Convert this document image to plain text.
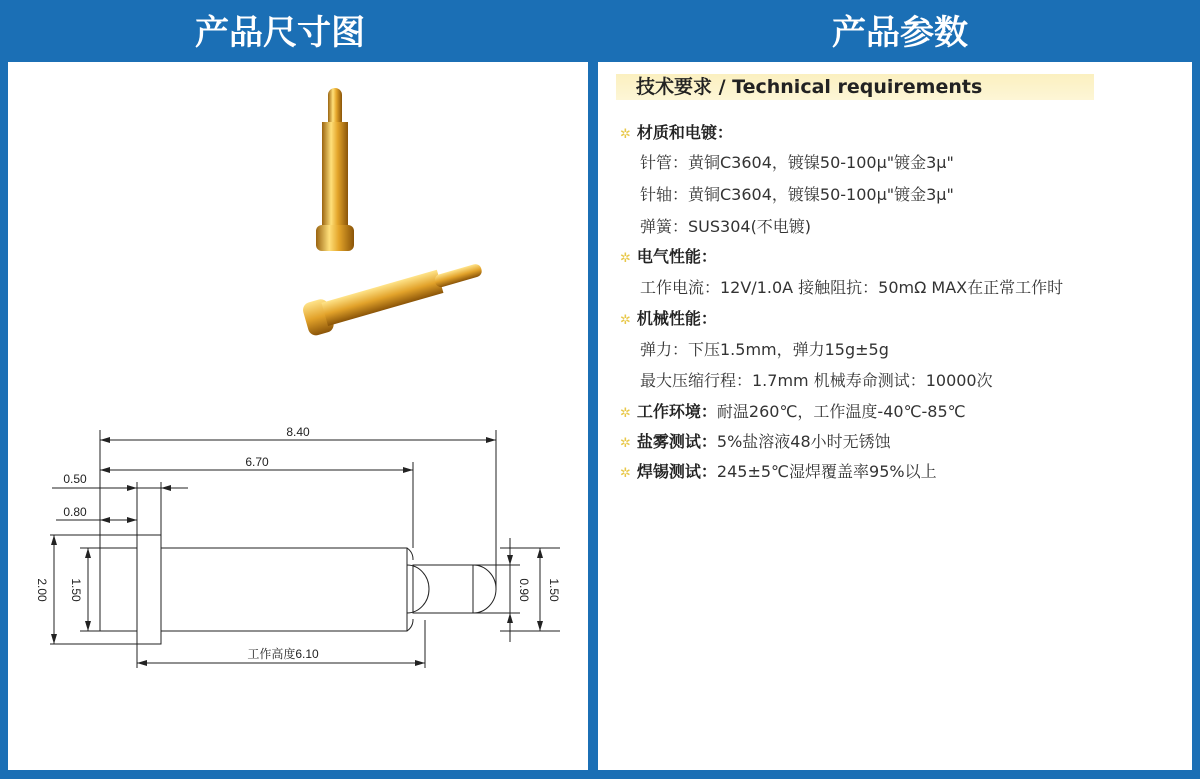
产品尺寸图	产品参数
8.40
6.70
0.50
0.80
2.00 1.50	0.90 1.50
工作高度6.10
技术要求 / Technical requirements
✲ 材质和电镀：
针管：黄铜C3604，镀镍50-100μ"镀金3μ"
针轴：黄铜C3604，镀镍50-100μ"镀金3μ"
弹簧：SUS304(不电镀)
✲ 电气性能：
工作电流：12V/1.0A 接触阻抗：50mΩ MAX在正常工作时
✲ 机械性能：
弹力：下压1.5mm，弹力15g±5g
最大压缩行程：1.7mm 机械寿命测试：10000次
✲ 工作环境：耐温260℃，工作温度-40℃-85℃
✲ 盐雾测试：5%盐溶液48小时无锈蚀
✲ 焊锡测试：245±5℃湿焊覆盖率95%以上
